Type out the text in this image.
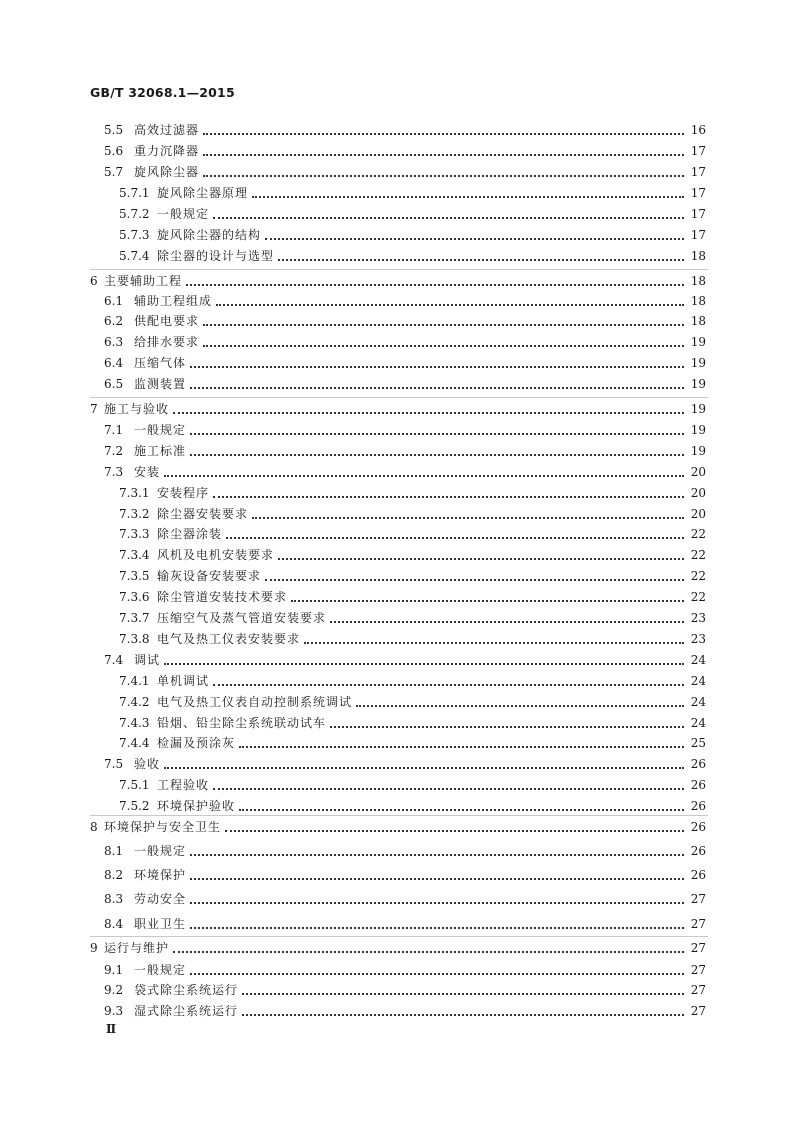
GB/T 32068.1—2015
5.5 高效过滤器	16
5.6 重力沉降器	17
5.7 旋风除尘器	17
5.7.1 旋风除尘器原理	17
5.7.2 一般规定	17
5.7.3 旋风除尘器的结构	17
5.7.4 除尘器的设计与选型	18
6 主要辅助工程	18
6.1 辅助工程组成	18
6.2 供配电要求	18
6.3 给排水要求	19
6.4 压缩气体	19
6.5 监测装置	19
7 施工与验收	19
7.1 一般规定	19
7.2 施工标准	19
7.3 安装	20
7.3.1 安装程序	20
7.3.2 除尘器安装要求	20
7.3.3 除尘器涂装	22
7.3.4 风机及电机安装要求	22
7.3.5 输灰设备安装要求	22
7.3.6 除尘管道安装技术要求	22
7.3.7 压缩空气及蒸气管道安装要求	23
7.3.8 电气及热工仪表安装要求	23
7.4 调试	24
7.4.1 单机调试	24
7.4.2 电气及热工仪表自动控制系统调试	24
7.4.3 铅烟、铅尘除尘系统联动试车	24
7.4.4 检漏及预涂灰	25
7.5 验收	26
7.5.1 工程验收	26
7.5.2 环境保护验收	26
8 环境保护与安全卫生	26
8.1 一般规定	26
8.2 环境保护	26
8.3 劳动安全	27
8.4 职业卫生	27
9 运行与维护	27
9.1 一般规定	27
9.2 袋式除尘系统运行	27
9.3 湿式除尘系统运行	27
Ⅱ
